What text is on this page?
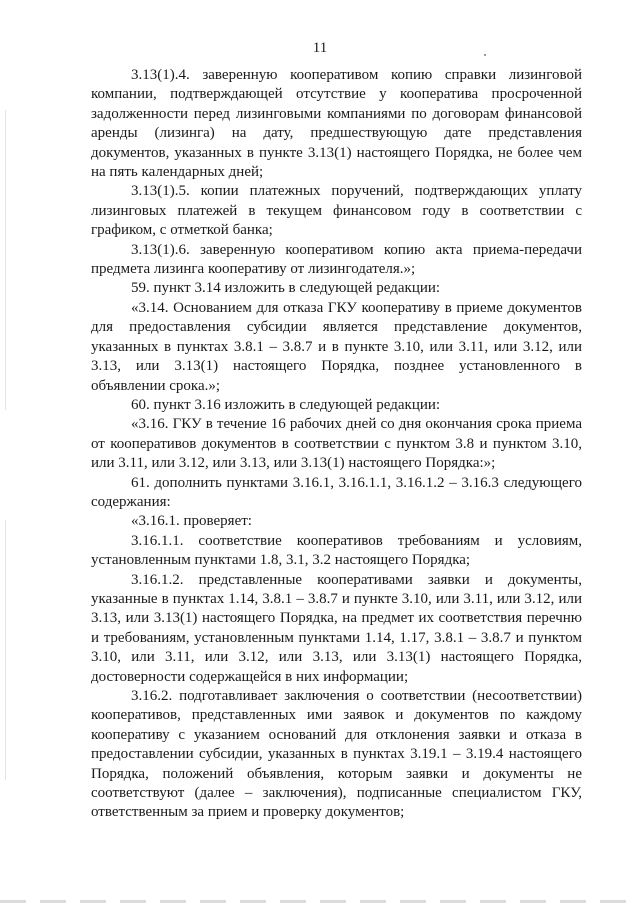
11

3.13(1).4. заверенную кооперативом копию справки лизинговой компании, подтверждающей отсутствие у кооператива просроченной задолженности перед лизинговыми компаниями по договорам финансовой аренды (лизинга) на дату, предшествующую дате представления документов, указанных в пункте 3.13(1) настоящего Порядка, не более чем на пять календарных дней;

3.13(1).5. копии платежных поручений, подтверждающих уплату лизинговых платежей в текущем финансовом году в соответствии с графиком, с отметкой банка;

3.13(1).6. заверенную кооперативом копию акта приема-передачи предмета лизинга кооперативу от лизингодателя.»;

59. пункт 3.14 изложить в следующей редакции:

«3.14. Основанием для отказа ГКУ кооперативу в приеме документов для предоставления субсидии является представление документов, указанных в пунктах 3.8.1 – 3.8.7 и в пункте 3.10, или 3.11, или 3.12, или 3.13, или 3.13(1) настоящего Порядка, позднее установленного в объявлении срока.»;

60. пункт 3.16 изложить в следующей редакции:

«3.16. ГКУ в течение 16 рабочих дней со дня окончания срока приема от кооперативов документов в соответствии с пунктом 3.8 и пунктом 3.10, или 3.11, или 3.12, или 3.13, или 3.13(1) настоящего Порядка:»;

61. дополнить пунктами 3.16.1, 3.16.1.1, 3.16.1.2 – 3.16.3 следующего содержания:

«3.16.1. проверяет:

3.16.1.1. соответствие кооперативов требованиям и условиям, установленным пунктами 1.8, 3.1, 3.2 настоящего Порядка;

3.16.1.2. представленные кооперативами заявки и документы, указанные в пунктах 1.14, 3.8.1 – 3.8.7 и пункте 3.10, или 3.11, или 3.12, или 3.13, или 3.13(1) настоящего Порядка, на предмет их соответствия перечню и требованиям, установленным пунктами 1.14, 1.17, 3.8.1 – 3.8.7 и пунктом 3.10, или 3.11, или 3.12, или 3.13, или 3.13(1) настоящего Порядка, достоверности содержащейся в них информации;

3.16.2. подготавливает заключения о соответствии (несоответствии) кооперативов, представленных ими заявок и документов по каждому кооперативу с указанием оснований для отклонения заявки и отказа в предоставлении субсидии, указанных в пунктах 3.19.1 – 3.19.4 настоящего Порядка, положений объявления, которым заявки и документы не соответствуют (далее – заключения), подписанные специалистом ГКУ, ответственным за прием и проверку документов;
